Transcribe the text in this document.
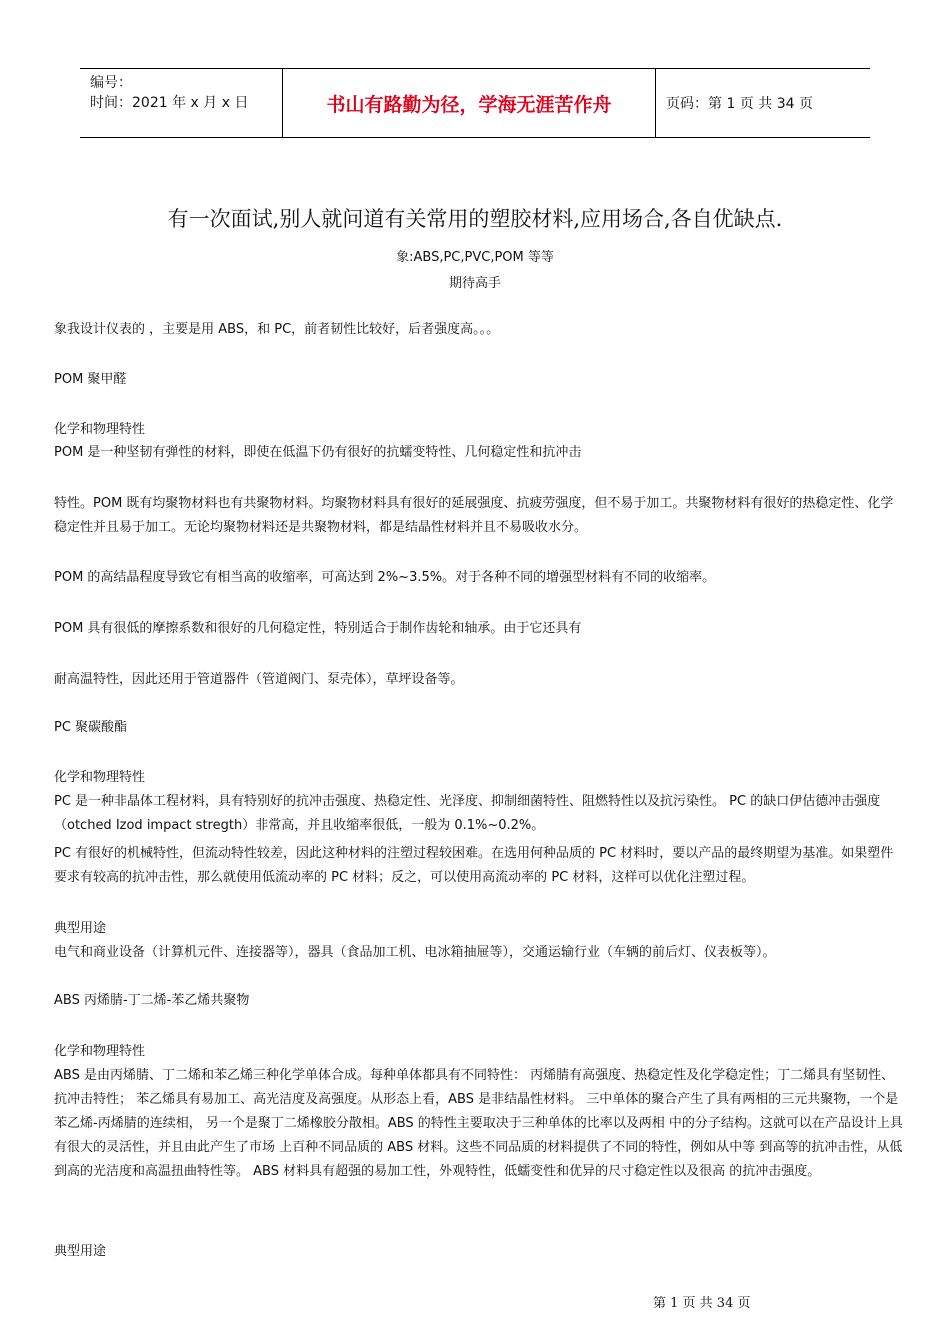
编号：
时间：2021 年 x 月 x 日	书山有路勤为径，学海无涯苦作舟	页码：第 1 页 共 34 页
有一次面试,别人就问道有关常用的塑胶材料,应用场合,各自优缺点.
象:ABS,PC,PVC,POM 等等
期待高手

象我设计仪表的 ，主要是用 ABS，和 PC，前者韧性比较好，后者强度高。。。

POM 聚甲醛

化学和物理特性

POM 是一种坚韧有弹性的材料，即使在低温下仍有很好的抗蠕变特性、几何稳定性和抗冲击

特性。POM 既有均聚物材料也有共聚物材料。均聚物材料具有很好的延展强度、抗疲劳强度，但不易于加工。共聚物材料有很好的热稳定性、化学稳定性并且易于加工。无论均聚物材料还是共聚物材料，都是结晶性材料并且不易吸收水分。

POM 的高结晶程度导致它有相当高的收缩率，可高达到 2%~3.5%。对于各种不同的增强型材料有不同的收缩率。

POM 具有很低的摩擦系数和很好的几何稳定性，特别适合于制作齿轮和轴承。由于它还具有

耐高温特性，因此还用于管道器件（管道阀门、泵壳体），草坪设备等。

PC 聚碳酸酯

化学和物理特性

PC 是一种非晶体工程材料，具有特别好的抗冲击强度、热稳定性、光泽度、抑制细菌特性、阻燃特性以及抗污染性。 PC 的缺口伊估德冲击强度（otched Izod impact stregth）非常高，并且收缩率很低，一般为 0.1%~0.2%。

PC 有很好的机械特性，但流动特性较差，因此这种材料的注塑过程较困难。在选用何种品质的 PC 材料时，要以产品的最终期望为基准。如果塑件要求有较高的抗冲击性，那么就使用低流动率的 PC 材料；反之，可以使用高流动率的 PC 材料，这样可以优化注塑过程。

典型用途

电气和商业设备（计算机元件、连接器等），器具（食品加工机、电冰箱抽屉等），交通运输行业（车辆的前后灯、仪表板等）。

ABS 丙烯腈-丁二烯-苯乙烯共聚物

化学和物理特性

ABS 是由丙烯腈、丁二烯和苯乙烯三种化学单体合成。每种单体都具有不同特性： 丙烯腈有高强度、热稳定性及化学稳定性；丁二烯具有坚韧性、抗冲击特性； 苯乙烯具有易加工、高光洁度及高强度。从形态上看，ABS 是非结晶性材料。 三中单体的聚合产生了具有两相的三元共聚物，一个是苯乙烯-丙烯腈的连续相， 另一个是聚丁二烯橡胶分散相。ABS 的特性主要取决于三种单体的比率以及两相 中的分子结构。这就可以在产品设计上具有很大的灵活性，并且由此产生了市场 上百种不同品质的 ABS 材料。这些不同品质的材料提供了不同的特性，例如从中等 到高等的抗冲击性，从低到高的光洁度和高温扭曲特性等。 ABS 材料具有超强的易加工性，外观特性，低蠕变性和优异的尺寸稳定性以及很高 的抗冲击强度。

典型用途

第 1 页 共 34 页
